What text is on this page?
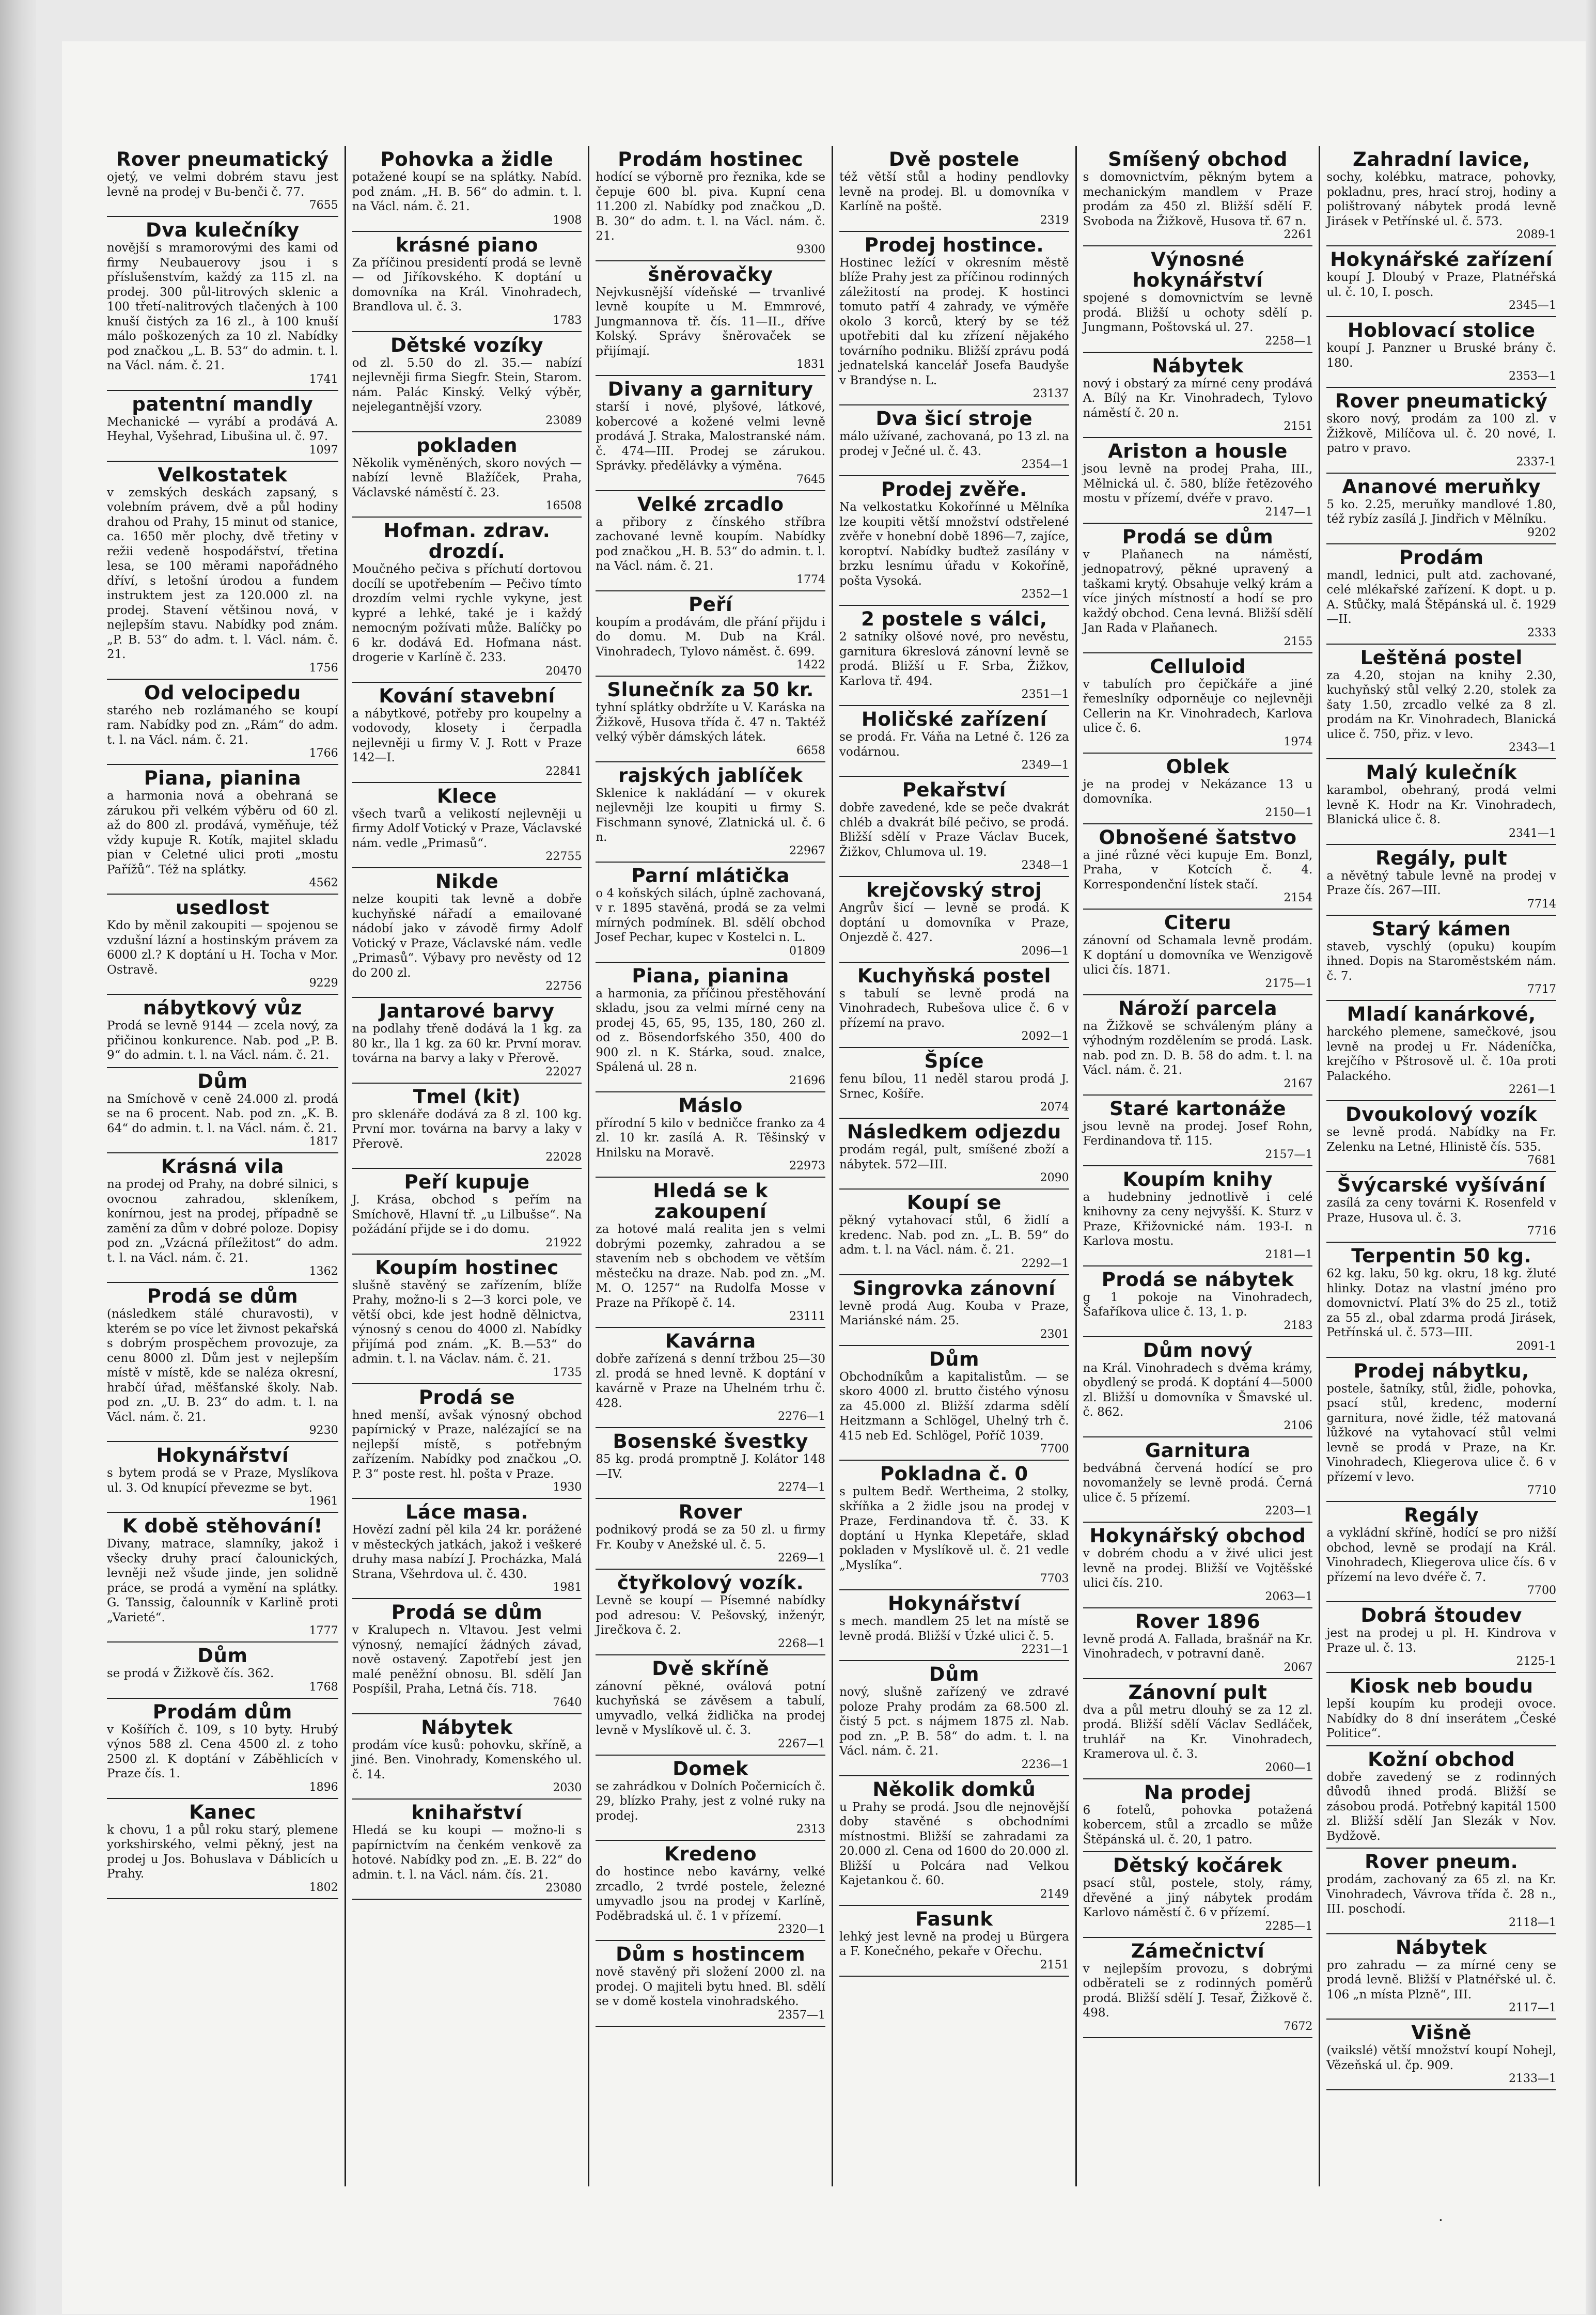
Rover pneumatický
ojetý, ve velmi dobrém stavu jest levně na prodej v Bu-benči č. 77.
7655
Dva kulečníky
novější s mramorovými des kami od firmy Neubauerovy jsou i s příslušenstvím, každý za 115 zl. na prodej. 300 půl-litrových sklenic a 100 třetí-nalitrových tlačených à 100 knuší čistých za 16 zl., à 100 knuší málo poškozených za 10 zl. Nabídky pod značkou „L. B. 53“ do admin. t. l. na Václ. nám. č. 21.
1741
patentní mandly
Mechanické — vyrábí a prodává A. Heyhal, Vyšehrad, Libušina ul. č. 97.
1097
Velkostatek
v zemských deskách zapsaný, s volebním právem, dvě a půl hodiny drahou od Prahy, 15 minut od stanice, ca. 1650 měr plochy, dvě třetiny v režii vedeně hospodářství, třetina lesa, se 100 měrami napořádného dříví, s letošní úrodou a fundem instruktem jest za 120.000 zl. na prodej. Stavení většinou nová, v nejlepším stavu. Nabídky pod znám. „P. B. 53“ do adm. t. l. Václ. nám. č. 21.
1756
Od velocipedu
starého neb rozlámaného se koupí ram. Nabídky pod zn. „Rám“ do adm. t. l. na Václ. nám. č. 21.
1766
Piana, pianina
a harmonia nová a obehraná se zárukou při velkém výběru od 60 zl. až do 800 zl. prodává, vyměňuje, též vždy kupuje R. Kotík, majitel skladu pian v Celetné ulici proti „mostu Pařížů“. Též na splátky.
4562
usedlost
Kdo by měnil zakoupiti — spojenou se vzdušní lázní a hostinským právem za 6000 zl.? K doptání u H. Tocha v Mor. Ostravě.
9229
nábytkový vůz
Prodá se levně 9144 — zcela nový, za přičinou konkurence. Nab. pod „P. B. 9“ do admin. t. l. na Václ. nám. č. 21.
Dům
na Smíchově v ceně 24.000 zl. prodá se na 6 procent. Nab. pod zn. „K. B. 64“ do admin. t. l. na Václ. nám. č. 21.
1817
Krásná vila
na prodej od Prahy, na dobré silnici, s ovocnou zahradou, skleníkem, konírnou, jest na prodej, případně se zamění za dům v dobré poloze. Dopisy pod zn. „Vzácná příležitost“ do adm. t. l. na Václ. nám. č. 21.
1362
Prodá se dům
(následkem stálé churavosti), v kterém se po více let živnost pekařská s dobrým prospěchem provozuje, za cenu 8000 zl. Dům jest v nejlepším místě v místě, kde se naléza okresní, hrabčí úřad, měšťanské školy. Nab. pod zn. „U. B. 23“ do adm. t. l. na Václ. nám. č. 21.
9230
Hokynářství
s bytem prodá se v Praze, Myslíkova ul. 3. Od knupící převezme se byt.
1961
K době stěhování!
Divany, matrace, slamníky, jakož i všecky druhy prací čalounických, levněji než všude jinde, jen solidně práce, se prodá a vymění na splátky. G. Tanssig, čalounník v Karlině proti „Varieté“.
1777
Dům
se prodá v Žižkově čís. 362.
1768
Prodám dům
v Košířích č. 109, s 10 byty. Hrubý výnos 588 zl. Cena 4500 zl. z toho 2500 zl. K doptání v Záběhlicích v Praze čís. 1.
1896
Kanec
k chovu, 1 a půl roku starý, plemene yorkshirského, velmi pěkný, jest na prodej u Jos. Bohuslava v Dáblicích u Prahy.
1802
Pohovka a židle
potažené koupí se na splátky. Nabíd. pod znám. „H. B. 56“ do admin. t. l. na Václ. nám. č. 21.
1908
krásné piano
Za příčinou presidentí prodá se levně — od Jiříkovského. K doptání u domovníka na Král. Vinohradech, Brandlova ul. č. 3.
1783
Dětské vozíky
od zl. 5.50 do zl. 35.— nabízí nejlevněji firma Siegfr. Stein, Starom. nám. Palác Kinský. Velký výběr, nejelegantnější vzory.
23089
pokladen
Několik vyměněných, skoro nových — nabízí levně Blažíček, Praha, Václavské náměstí č. 23.
16508
Hofman. zdrav. drozdí.
Moučného pečiva s příchutí dortovou docílí se upotřebením — Pečivo tímto drozdím velmi rychle vykyne, jest kypré a lehké, také je i každý nemocným požívati může. Balíčky po 6 kr. dodává Ed. Hofmana nást. drogerie v Karlíně č. 233.
20470
Kování stavební
a nábytkové, potřeby pro koupelny a vodovody, klosety i čerpadla nejlevněji u firmy V. J. Rott v Praze 142—I.
22841
Klece
všech tvarů a velikostí nejlevněji u firmy Adolf Votický v Praze, Václavské nám. vedle „Primasů“.
22755
Nikde
nelze koupiti tak levně a dobře kuchyňské nářadí a emailované nádobí jako v závodě firmy Adolf Votický v Praze, Václavské nám. vedle „Primasů“. Výbavy pro nevěsty od 12 do 200 zl.
22756
Jantarové barvy
na podlahy třeně dodává la 1 kg. za 80 kr., lla 1 kg. za 60 kr. První morav. továrna na barvy a laky v Přerově.
22027
Tmel (kit)
pro sklenáře dodává za 8 zl. 100 kg. První mor. továrna na barvy a laky v Přerově.
22028
Peří kupuje
J. Krása, obchod s peřím na Smíchově, Hlavní tř. „u Lilbušse“. Na požádání přijde se i do domu.
21922
Koupím hostinec
slušně stavěný se zařízením, blíže Prahy, možno-li s 2—3 korci pole, ve větší obci, kde jest hodně dělnictva, výnosný s cenou do 4000 zl. Nabídky přijímá pod znám. „K. B.—53“ do admin. t. l. na Václav. nám. č. 21.
1735
Prodá se
hned menší, avšak výnosný obchod papírnický v Praze, nalézající se na nejlepší místě, s potřebným zařízením. Nabídky pod značkou „O. P. 3“ poste rest. hl. pošta v Praze.
1930
Láce masa.
Hovězí zadní pěl kila 24 kr. porážené v městeckých jatkách, jakož i veškeré druhy masa nabízí J. Procházka, Malá Strana, Všehrdova ul. č. 430.
1981
Prodá se dům
v Kralupech n. Vltavou. Jest velmi výnosný, nemající žádných závad, nově ostavený. Zapotřebí jest jen malé peněžní obnosu. Bl. sdělí Jan Pospíšil, Praha, Letná čís. 718.
7640
Nábytek
prodám více kusů: pohovku, skříně, a jiné. Ben. Vinohrady, Komenského ul. č. 14.
2030
knihařství
Hledá se ku koupi — možno-li s papírnictvím na čenkém venkově za hotové. Nabídky pod zn. „E. B. 22“ do admin. t. l. na Václ. nám. čís. 21.
23080
Prodám hostinec
hodící se výborně pro řeznika, kde se čepuje 600 bl. piva. Kupní cena 11.200 zl. Nabídky pod značkou „D. B. 30“ do adm. t. l. na Václ. nám. č. 21.
9300
šněrovačky
Nejvkusnější vídeňské — trvanlivé levně koupíte u M. Emmrové, Jungmannova tř. čís. 11—II., dříve Kolský. Správy šněrovaček se přijímají.
1831
Divany a garnitury
starší i nové, plyšové, látkové, kobercové a kožené velmi levně prodává J. Straka, Malostranské nám. č. 474—III. Prodej se zárukou. Správky. předělávky a výměna.
7645
Velké zrcadlo
a přibory z čínského stříbra zachované levně koupím. Nabídky pod značkou „H. B. 53“ do admin. t. l. na Václ. nám. č. 21.
1774
Peří
koupím a prodávám, dle přání přijdu i do domu. M. Dub na Král. Vinohradech, Tylovo náměst. č. 699.
1422
Slunečník za 50 kr.
tyhní splátky obdržíte u V. Karáska na Žižkově, Husova třída č. 47 n. Taktéž velký výběr dámských látek.
6658
rajských jablíček
Sklenice k nakládání — v okurek nejlevněji lze koupiti u firmy S. Fischmann synové, Zlatnická ul. č. 6 n.
22967
Parní mlátička
o 4 koňských silách, úplně zachovaná, v r. 1895 stavěná, prodá se za velmi mírných podmínek. Bl. sdělí obchod Josef Pechar, kupec v Kostelci n. L.
01809
Piana, pianina
a harmonia, za příčinou přestěhování skladu, jsou za velmi mírné ceny na prodej 45, 65, 95, 135, 180, 260 zl. od z. Bösendorfského 350, 400 do 900 zl. n K. Stárka, soud. znalce, Spálená ul. 28 n.
21696
Máslo
přírodní 5 kilo v bedničce franko za 4 zl. 10 kr. zasílá A. R. Těšinský v Hnilsku na Moravě.
22973
Hledá se k zakoupení
za hotové malá realita jen s velmi dobrými pozemky, zahradou a se stavením neb s obchodem ve větším městečku na draze. Nab. pod zn. „M. M. O. 1257“ na Rudolfa Mosse v Praze na Příkopě č. 14.
23111
Kavárna
dobře zařízená s denní tržbou 25—30 zl. prodá se hned levně. K doptání v kavárně v Praze na Uhelném trhu č. 428.
2276—1
Bosenské švestky
85 kg. prodá promptně J. Kolátor 148—IV.
2274—1
Rover
podnikový prodá se za 50 zl. u firmy Fr. Kouby v Anežské ul. č. 5.
2269—1
čtyřkolový vozík.
Levně se koupí — Písemné nabídky pod adresou: V. Pešovský, inženýr, Jirečkova č. 2.
2268—1
Dvě skříně
zánovní pěkné, oválová potní kuchyňská se závěsem a tabulí, umyvadlo, velká židlička na prodej levně v Myslíkově ul. č. 3.
2267—1
Domek
se zahrádkou v Dolních Počernicích č. 29, blízko Prahy, jest z volné ruky na prodej.
2313
Kredeno
do hostince nebo kavárny, velké zrcadlo, 2 tvrdé postele, železné umyvadlo jsou na prodej v Karlíně, Poděbradská ul. č. 1 v přízemí.
2320—1
Dům s hostincem
nově stavěný při složení 2000 zl. na prodej. O majiteli bytu hned. Bl. sdělí se v domě kostela vinohradského.
2357—1
Dvě postele
též větší stůl a hodiny pendlovky levně na prodej. Bl. u domovníka v Karlíně na poště.
2319
Prodej hostince.
Hostinec ležící v okresním městě blíže Prahy jest za příčinou rodinných záležitostí na prodej. K hostinci tomuto patří 4 zahrady, ve výměře okolo 3 korců, který by se též upotřebiti dal ku zřízení nějakého továrního podniku. Bližší zprávu podá jednatelská kancelář Josefa Baudyše v Brandýse n. L.
23137
Dva šicí stroje
málo užívané, zachovaná, po 13 zl. na prodej v Ječné ul. č. 43.
2354—1
Prodej zvěře.
Na velkostatku Kokořínné u Mělníka lze koupiti větší množství odstřelené zvěře v honební době 1896—7, zajíce, koroptví. Nabídky buďtež zasílány v brzku lesnímu úřadu v Kokoříně, pošta Vysoká.
2352—1
2 postele s válci,
2 satníky olšové nové, pro nevěstu, garnitura 6kreslová zánovní levně se prodá. Bližší u F. Srba, Žižkov, Karlova tř. 494.
2351—1
Holičské zařízení
se prodá. Fr. Váňa na Letné č. 126 za vodárnou.
2349—1
Pekařství
dobře zavedené, kde se peče dvakrát chléb a dvakrát bílé pečivo, se prodá. Bližší sdělí v Praze Václav Bucek, Žižkov, Chlumova ul. 19.
2348—1
krejčovský stroj
Angrův šicí — levně se prodá. K doptání u domovníka v Praze, Onjezdě č. 427.
2096—1
Kuchyňská postel
s tabulí se levně prodá na Vinohradech, Rubešova ulice č. 6 v přízemí na pravo.
2092—1
Špíce
fenu bílou, 11 neděl starou prodá J. Srnec, Košíře.
2074
Následkem odjezdu
prodám regál, pult, smíšené zboží a nábytek. 572—III.
2090
Koupí se
pěkný vytahovací stůl, 6 židlí a kredenc. Nab. pod zn. „L. B. 59“ do adm. t. l. na Václ. nám. č. 21.
2292—1
Singrovka zánovní
levně prodá Aug. Kouba v Praze, Mariánské nám. 25.
2301
Dům
Obchodníkům a kapitalistům. — se skoro 4000 zl. brutto čistého výnosu za 45.000 zl. Bližší zdarma sdělí Heitzmann a Schlögel, Uhelný trh č. 415 neb Ed. Schlögel, Poříč 1039.
7700
Pokladna č. 0
s pultem Bedř. Wertheima, 2 stolky, skříňka a 2 židle jsou na prodej v Praze, Ferdinandova tř. č. 33. K doptání u Hynka Klepetáře, sklad pokladen v Myslíkově ul. č. 21 vedle „Myslíka“.
7703
Hokynářství
s mech. mandlem 25 let na místě se levně prodá. Bližší v Úzké ulici č. 5.
2231—1
Dům
nový, slušně zařízený ve zdravé poloze Prahy prodám za 68.500 zl. čistý 5 pct. s nájmem 1875 zl. Nab. pod zn. „P. B. 58“ do adm. t. l. na Václ. nám. č. 21.
2236—1
Několik domků
u Prahy se prodá. Jsou dle nejnovější doby stavěné s obchodními místnostmi. Bližší se zahradami za 20.000 zl. Cena od 1600 do 20.000 zl. Bližší u Polcára nad Velkou Kajetankou č. 60.
2149
Fasunk
lehký jest levně na prodej u Bürgera a F. Konečného, pekaře v Ořechu.
2151
Smíšený obchod
s domovnictvím, pěkným bytem a mechanickým mandlem v Praze prodám za 450 zl. Bližší sdělí F. Svoboda na Žižkově, Husova tř. 67 n.
2261
Výnosné hokynářství
spojené s domovnictvím se levně prodá. Bližší u ochoty sdělí p. Jungmann, Poštovská ul. 27.
2258—1
Nábytek
nový i obstarý za mírné ceny prodává A. Bílý na Kr. Vinohradech, Tylovo náměstí č. 20 n.
2151
Ariston a housle
jsou levně na prodej Praha, III., Mělnická ul. č. 580, blíže řetězového mostu v přízemí, dvéře v pravo.
2147—1
Prodá se dům
v Plaňanech na náměstí, jednopatrový, pěkné upravený a taškami krytý. Obsahuje velký krám a více jiných místností a hodí se pro každý obchod. Cena levná. Bližší sdělí Jan Rada v Plaňanech.
2155
Celluloid
v tabulích pro čepičkáře a jiné řemeslníky odporněuje co nejlevněji Cellerin na Kr. Vinohradech, Karlova ulice č. 6.
1974
Oblek
je na prodej v Nekázance 13 u domovníka.
2150—1
Obnošené šatstvo
a jiné různé věci kupuje Em. Bonzl, Praha, v Kotcích č. 4. Korrespondenční lístek stačí.
2154
Citeru
zánovní od Schamala levně prodám. K doptání u domovníka ve Wenzigově ulici čís. 1871.
2175—1
Nároží parcela
na Žižkově se schváleným plány a výhodným rozdělením se prodá. Lask. nab. pod zn. D. B. 58 do adm. t. l. na Václ. nám. č. 21.
2167
Staré kartonáže
jsou levně na prodej. Josef Rohn, Ferdinandova tř. 115.
2157—1
Koupím knihy
a hudebniny jednotlivě i celé knihovny za ceny nejvyšší. K. Sturz v Praze, Křižovnické nám. 193-I. n Karlova mostu.
2181—1
Prodá se nábytek
g 1 pokoje na Vinohradech, Šafaříkova ulice č. 13, 1. p.
2183
Dům nový
na Král. Vinohradech s dvěma krámy, obydlený se prodá. K doptání 4—5000 zl. Bližší u domovníka v Šmavské ul. č. 862.
2106
Garnitura
bedvábná červená hodící se pro novomanžely se levně prodá. Černá ulice č. 5 přízemí.
2203—1
Hokynářský obchod
v dobrém chodu a v živé ulici jest levně na prodej. Bližší ve Vojtěšské ulici čís. 210.
2063—1
Rover 1896
levně prodá A. Fallada, brašnář na Kr. Vinohradech, v potravní daně.
2067
Zánovní pult
dva a půl metru dlouhý se za 12 zl. prodá. Bližší sdělí Václav Sedláček, truhlář na Kr. Vinohradech, Kramerova ul. č. 3.
2060—1
Na prodej
6 fotelů, pohovka potažená kobercem, stůl a zrcadlo se může Štěpánská ul. č. 20, 1 patro.
Dětský kočárek
psací stůl, postele, stoly, rámy, dřevěné a jiný nábytek prodám Karlovo náměstí č. 6 v přízemí.
2285—1
Zámečnictví
v nejlepším provozu, s dobrými odběrateli se z rodinných poměrů prodá. Bližší sdělí J. Tesař, Žižkově č. 498.
7672
Zahradní lavice,
sochy, kolébku, matrace, pohovky, pokladnu, pres, hrací stroj, hodiny a polištrovaný nábytek prodá levně Jirásek v Petřínské ul. č. 573.
2089-1
Hokynářské zařízení
koupí J. Dloubý v Praze, Platnéřská ul. č. 10, I. posch.
2345—1
Hoblovací stolice
koupí J. Panzner u Bruské brány č. 180.
2353—1
Rover pneumatický
skoro nový, prodám za 100 zl. v Žižkově, Milíčova ul. č. 20 nové, I. patro v pravo.
2337-1
Ananové meruňky
5 ko. 2.25, meruňky mandlové 1.80, též rybíz zasílá J. Jindřich v Mělníku.
9202
Prodám
mandl, lednici, pult atd. zachované, celé mlékařské zařízení. K dopt. u p. A. Stůčky, malá Štěpánská ul. č. 1929—II.
2333
Leštěná postel
za 4.20, stojan na knihy 2.30, kuchyňský stůl velký 2.20, stolek za šaty 1.50, zrcadlo velké za 8 zl. prodám na Kr. Vinohradech, Blanická ulice č. 750, přiz. v levo.
2343—1
Malý kulečník
karambol, obehraný, prodá velmi levně K. Hodr na Kr. Vinohradech, Blanická ulice č. 8.
2341—1
Regály, pult
a něvětný tabule levně na prodej v Praze čís. 267—III.
7714
Starý kámen
staveb, vyschlý (opuku) koupím ihned. Dopis na Staroměstském nám. č. 7.
7717
Mladí kanárkové,
harckého plemene, samečkové, jsou levně na prodej u Fr. Nádeníčka, krejčího v Pštrosově ul. č. 10a proti Palackého.
2261—1
Dvoukolový vozík
se levně prodá. Nabídky na Fr. Zelenku na Letné, Hlinistě čís. 535.
7681
Švýcarské vyšívání
zasílá za ceny továrni K. Rosenfeld v Praze, Husova ul. č. 3.
7716
Terpentin 50 kg.
62 kg. laku, 50 kg. okru, 18 kg. žluté hlinky. Dotaz na vlastní jméno pro domovnictví. Platí 3% do 25 zl., totiž za 55 zl., obal zdarma prodá Jirásek, Petřínská ul. č. 573—III.
2091-1
Prodej nábytku,
postele, šatníky, stůl, židle, pohovka, psací stůl, kredenc, moderní garnitura, nové židle, též matovaná lůžkové na vytahovací stůl velmi levně se prodá v Praze, na Kr. Vinohradech, Kliegerova ulice č. 6 v přízemí v levo.
7710
Regály
a vykládní skříně, hodící se pro nižší obchod, levně se prodají na Král. Vinohradech, Kliegerova ulice čís. 6 v přízemí na levo dvéře č. 7.
7700
Dobrá štoudev
jest na prodej u pl. H. Kindrova v Praze ul. č. 13.
2125-1
Kiosk neb boudu
lepší koupím ku prodeji ovoce. Nabídky do 8 dní inserátem „České Politice“.
Kožní obchod
dobře zavedený se z rodinných důvodů ihned prodá. Bližší se zásobou prodá. Potřebný kapitál 1500 zl. Bližší sdělí Jan Slezák v Nov. Bydžově.
Rover pneum.
prodám, zachovaný za 65 zl. na Kr. Vinohradech, Vávrova třída č. 28 n., III. poschodí.
2118—1
Nábytek
pro zahradu — za mírné ceny se prodá levně. Bližší v Platnéřské ul. č. 106 „n místa Plzně“, III.
2117—1
Višně
(vaikslé) větší množství koupí Nohejl, Vězeňská ul. čp. 909.
2133—1
·
